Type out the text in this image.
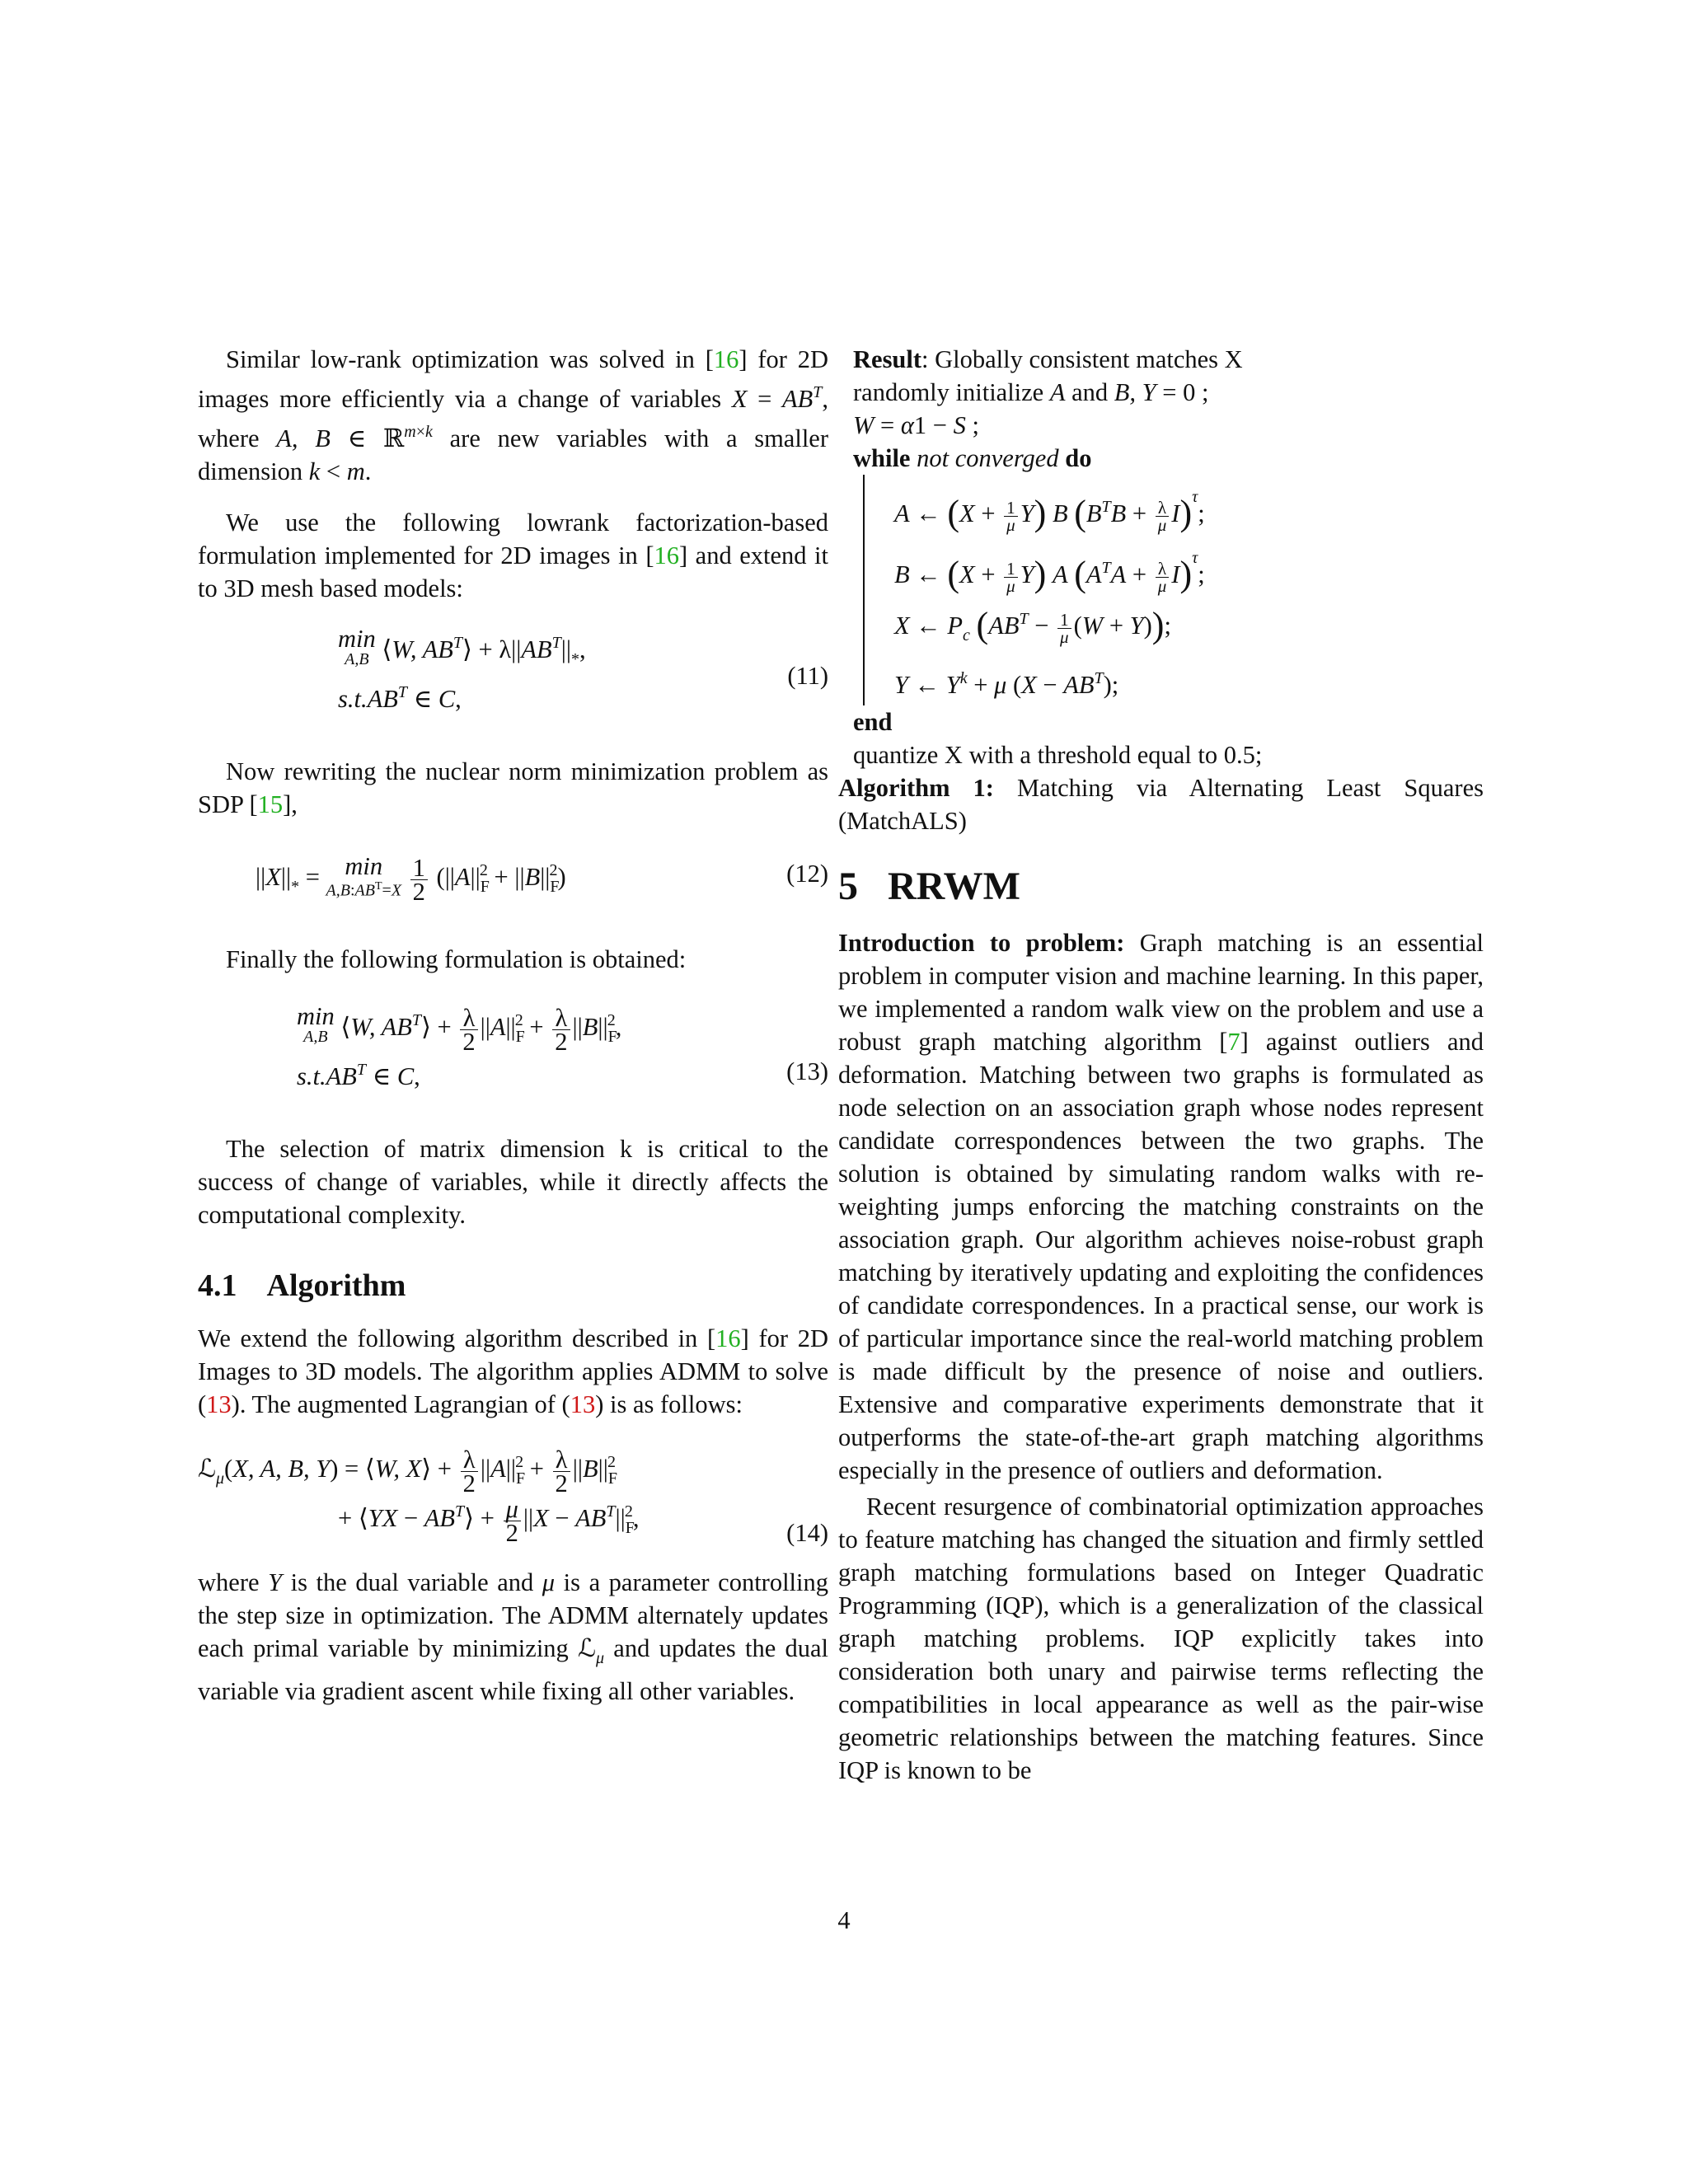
Similar low-rank optimization was solved in [16] for 2D images more efficiently via a change of variables $X = AB^T$, where A, B ∈ ℝ$^{m\times k}$ are new variables with a smaller dimension k < m.

We use the following lowrank factorization-based formulation implemented for 2D images in [16] and extend it to 3D mesh based models:

min
A,B ⟨W, $AB^T⟩ + \lambda||AB^T||_*$,
$s.t.AB^T$ ∈ C,
(11)

Now rewriting the nuclear norm minimization problem as SDP [15],

$||X||_* = \min$
$A,B:AB^T=X$
$\frac{1}{2} (||A||_F^2 + ||B||_F^2)$	(12)

Finally the following formulation is obtained:

min
A,B ⟨W, $AB^T⟩ + \frac{\lambda}{2} ||A||_F^2 + \frac{\lambda}{2} ||B||_F^2$,
$s.t.AB^T$ ∈ C,	(13)

The selection of matrix dimension k is critical to the success of change of variables, while it directly affects the computational complexity.

4.1 Algorithm

We extend the following algorithm described in [16] for 2D Images to 3D models. The algorithm applies ADMM to solve (13). The augmented Lagrangian of (13) is as follows:

ℒ$_\mu$(X, A, B, Y) = ⟨W, X⟩ + $\frac{\lambda}{2} ||A||_F^2 + \frac{\lambda}{2} ||B||_F^2$
+ ⟨YX − $AB^T⟩ + \frac{\mu}{2} ||X - AB^T||_F^2$,
(14)

where Y is the dual variable and μ is a parameter controlling the step size in optimization. The ADMM alternately updates each primal variable by minimizing ℒ$_\mu$ and updates the dual variable via gradient ascent while fixing all other variables.

Result: Globally consistent matches X
randomly initialize A and B, Y = 0 ;
W = α1 − S ;
while not converged do
A ← $(X + \frac{1}{\mu} Y)$ B $(B^TB + \frac{\lambda}{\mu} I)^\tau$;
B ← $(X + \frac{1}{\mu} Y)$ A $(A^TA + \frac{\lambda}{\mu} I)^\tau$;
X ← $P_c$ $(AB^T - \frac{1}{\mu} (W + Y))$;
Y ← $Y^k + \mu$ $(X - AB^T)$;
end
quantize X with a threshold equal to 0.5;

Algorithm 1: Matching via Alternating Least Squares (MatchALS)

5 RRWM

Introduction to problem: Graph matching is an essential problem in computer vision and machine learning. In this paper, we implemented a random walk view on the problem and use a robust graph matching algorithm [7] against outliers and deformation. Matching between two graphs is formulated as node selection on an association graph whose nodes represent candidate correspondences between the two graphs. The solution is obtained by simulating random walks with re-weighting jumps enforcing the matching constraints on the association graph. Our algorithm achieves noise-robust graph matching by iteratively updating and exploiting the confidences of candidate correspondences. In a practical sense, our work is of particular importance since the real-world matching problem is made difficult by the presence of noise and outliers. Extensive and comparative experiments demonstrate that it outperforms the state-of-the-art graph matching algorithms especially in the presence of outliers and deformation.

Recent resurgence of combinatorial optimization approaches to feature matching has changed the situation and firmly settled graph matching formulations based on Integer Quadratic Programming (IQP), which is a generalization of the classical graph matching problems. IQP explicitly takes into consideration both unary and pairwise terms reflecting the compatibilities in local appearance as well as the pair-wise geometric relationships between the matching features. Since IQP is known to be

4
